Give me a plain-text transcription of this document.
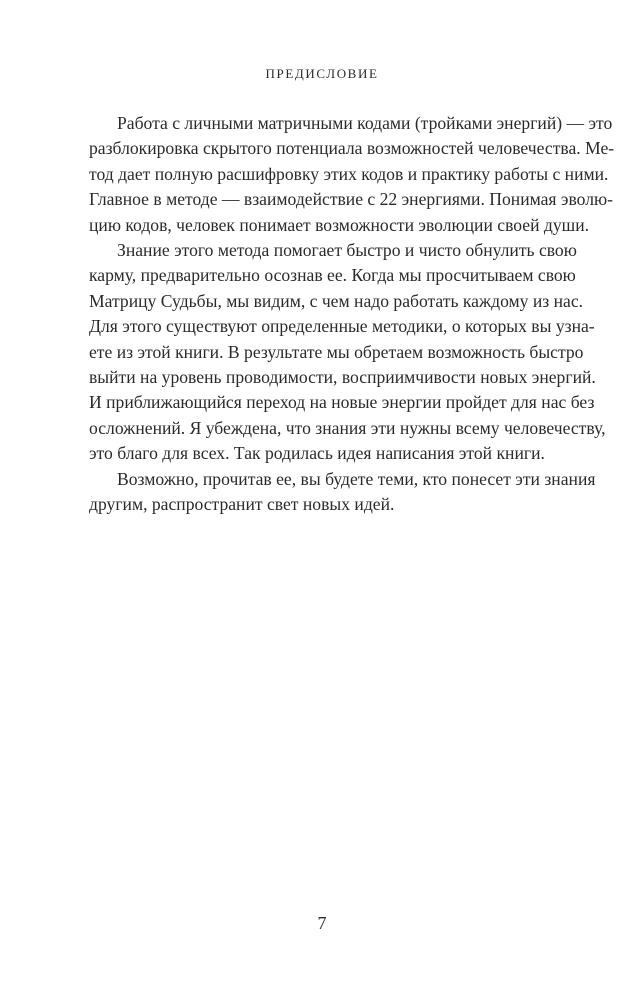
ПРЕДИСЛОВИЕ
Работа с личными матричными кодами (тройками энергий) — это
разблокировка скрытого потенциала возможностей человечества. Ме-
тод дает полную расшифровку этих кодов и практику работы с ними.
Главное в методе — взаимодействие с 22 энергиями. Понимая эволю-
цию кодов, человек понимает возможности эволюции своей души.
Знание этого метода помогает быстро и чисто обнулить свою
карму, предварительно осознав ее. Когда мы просчитываем свою
Матрицу Судьбы, мы видим, с чем надо работать каждому из нас.
Для этого существуют определенные методики, о которых вы узна-
ете из этой книги. В результате мы обретаем возможность быстро
выйти на уровень проводимости, восприимчивости новых энергий.
И приближающийся переход на новые энергии пройдет для нас без
осложнений. Я убеждена, что знания эти нужны всему человечеству,
это благо для всех. Так родилась идея написания этой книги.
Возможно, прочитав ее, вы будете теми, кто понесет эти знания
другим, распространит свет новых идей.
7
